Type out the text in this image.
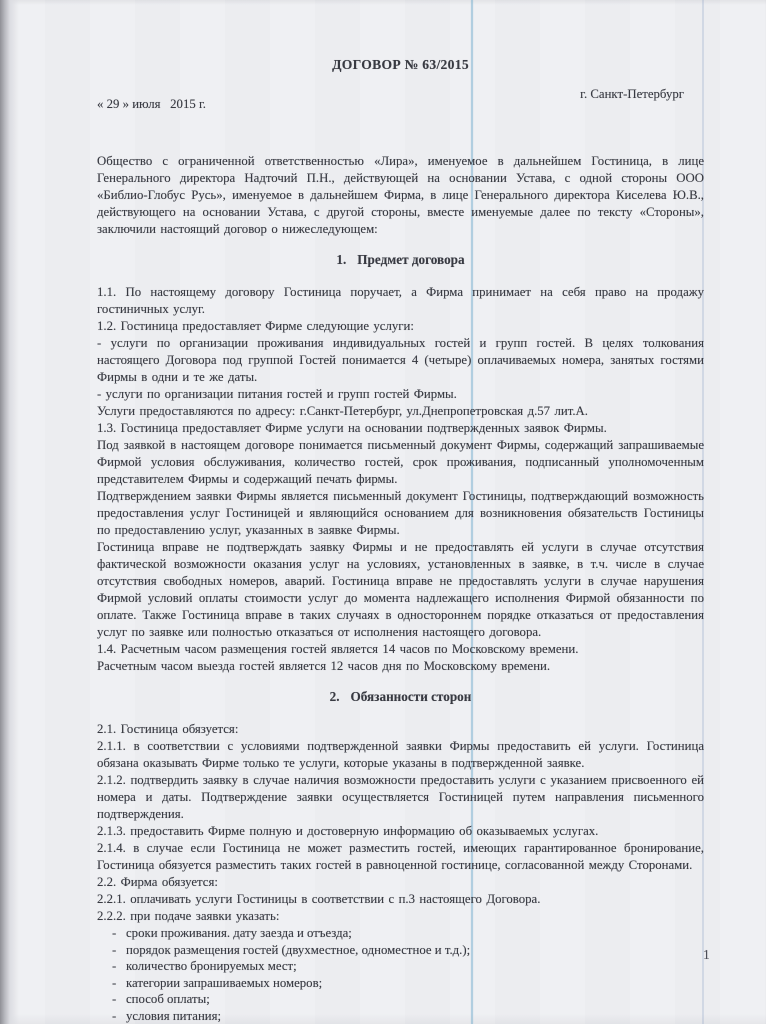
ДОГОВОР № 63/2015
г. Санкт-Петербург
« 29 » июля   2015 г.

Общество с ограниченной ответственностью «Лира», именуемое в дальнейшем Гостиница, в лице Генерального директора Надточий П.Н., действующей на основании Устава, с одной стороны ООО «Библио-Глобус Русь», именуемое в дальнейшем Фирма, в лице Генерального директора Киселева Ю.В., действующего на основании Устава, с другой стороны, вместе именуемые далее по тексту «Стороны», заключили настоящий договор о нижеследующем:

1. Предмет договора

1.1. По настоящему договору Гостиница поручает, а Фирма принимает на себя право на продажу гостиничных услуг.

1.2. Гостиница предоставляет Фирме следующие услуги:

- услуги по организации проживания индивидуальных гостей и групп гостей. В целях толкования настоящего Договора под группой Гостей понимается 4 (четыре) оплачиваемых номера, занятых гостями Фирмы в одни и те же даты.

- услуги по организации питания гостей и групп гостей Фирмы.

Услуги предоставляются по адресу: г.Санкт-Петербург, ул.Днепропетровская д.57 лит.А.

1.3. Гостиница предоставляет Фирме услуги на основании подтвержденных заявок Фирмы.

Под заявкой в настоящем договоре понимается письменный документ Фирмы, содержащий запрашиваемые Фирмой условия обслуживания, количество гостей, срок проживания, подписанный уполномоченным представителем Фирмы и содержащий печать фирмы.

Подтверждением заявки Фирмы является письменный документ Гостиницы, подтверждающий возможность предоставления услуг Гостиницей и являющийся основанием для возникновения обязательств Гостиницы по предоставлению услуг, указанных в заявке Фирмы.

Гостиница вправе не подтверждать заявку Фирмы и не предоставлять ей услуги в случае отсутствия фактической возможности оказания услуг на условиях, установленных в заявке, в т.ч. числе в случае отсутствия свободных номеров, аварий. Гостиница вправе не предоставлять услуги в случае нарушения Фирмой условий оплаты стоимости услуг до момента надлежащего исполнения Фирмой обязанности по оплате. Также Гостиница вправе в таких случаях в одностороннем порядке отказаться от предоставления услуг по заявке или полностью отказаться от исполнения настоящего договора.

1.4. Расчетным часом размещения гостей является 14 часов по Московскому времени.

Расчетным часом выезда гостей является 12 часов дня по Московскому времени.

2. Обязанности сторон

2.1. Гостиница обязуется:

2.1.1. в соответствии с условиями подтвержденной заявки Фирмы предоставить ей услуги. Гостиница обязана оказывать Фирме только те услуги, которые указаны в подтвержденной заявке.

2.1.2. подтвердить заявку в случае наличия возможности предоставить услуги с указанием присвоенного ей номера и даты. Подтверждение заявки осуществляется Гостиницей путем направления письменного подтверждения.

2.1.3. предоставить Фирме полную и достоверную информацию об оказываемых услугах.

2.1.4. в случае если Гостиница не может разместить гостей, имеющих гарантированное бронирование, Гостиница обязуется разместить таких гостей в равноценной гостинице, согласованной между Сторонами.

2.2. Фирма обязуется:

2.2.1. оплачивать услуги Гостиницы в соответствии с п.3 настоящего Договора.

2.2.2. при подаче заявки указать:

- сроки проживания. дату заезда и отъезда;
- порядок размещения гостей (двухместное, одноместное и т.д.);
- количество бронируемых мест;
- категории запрашиваемых номеров;
- способ оплаты;
- условия питания;
1
